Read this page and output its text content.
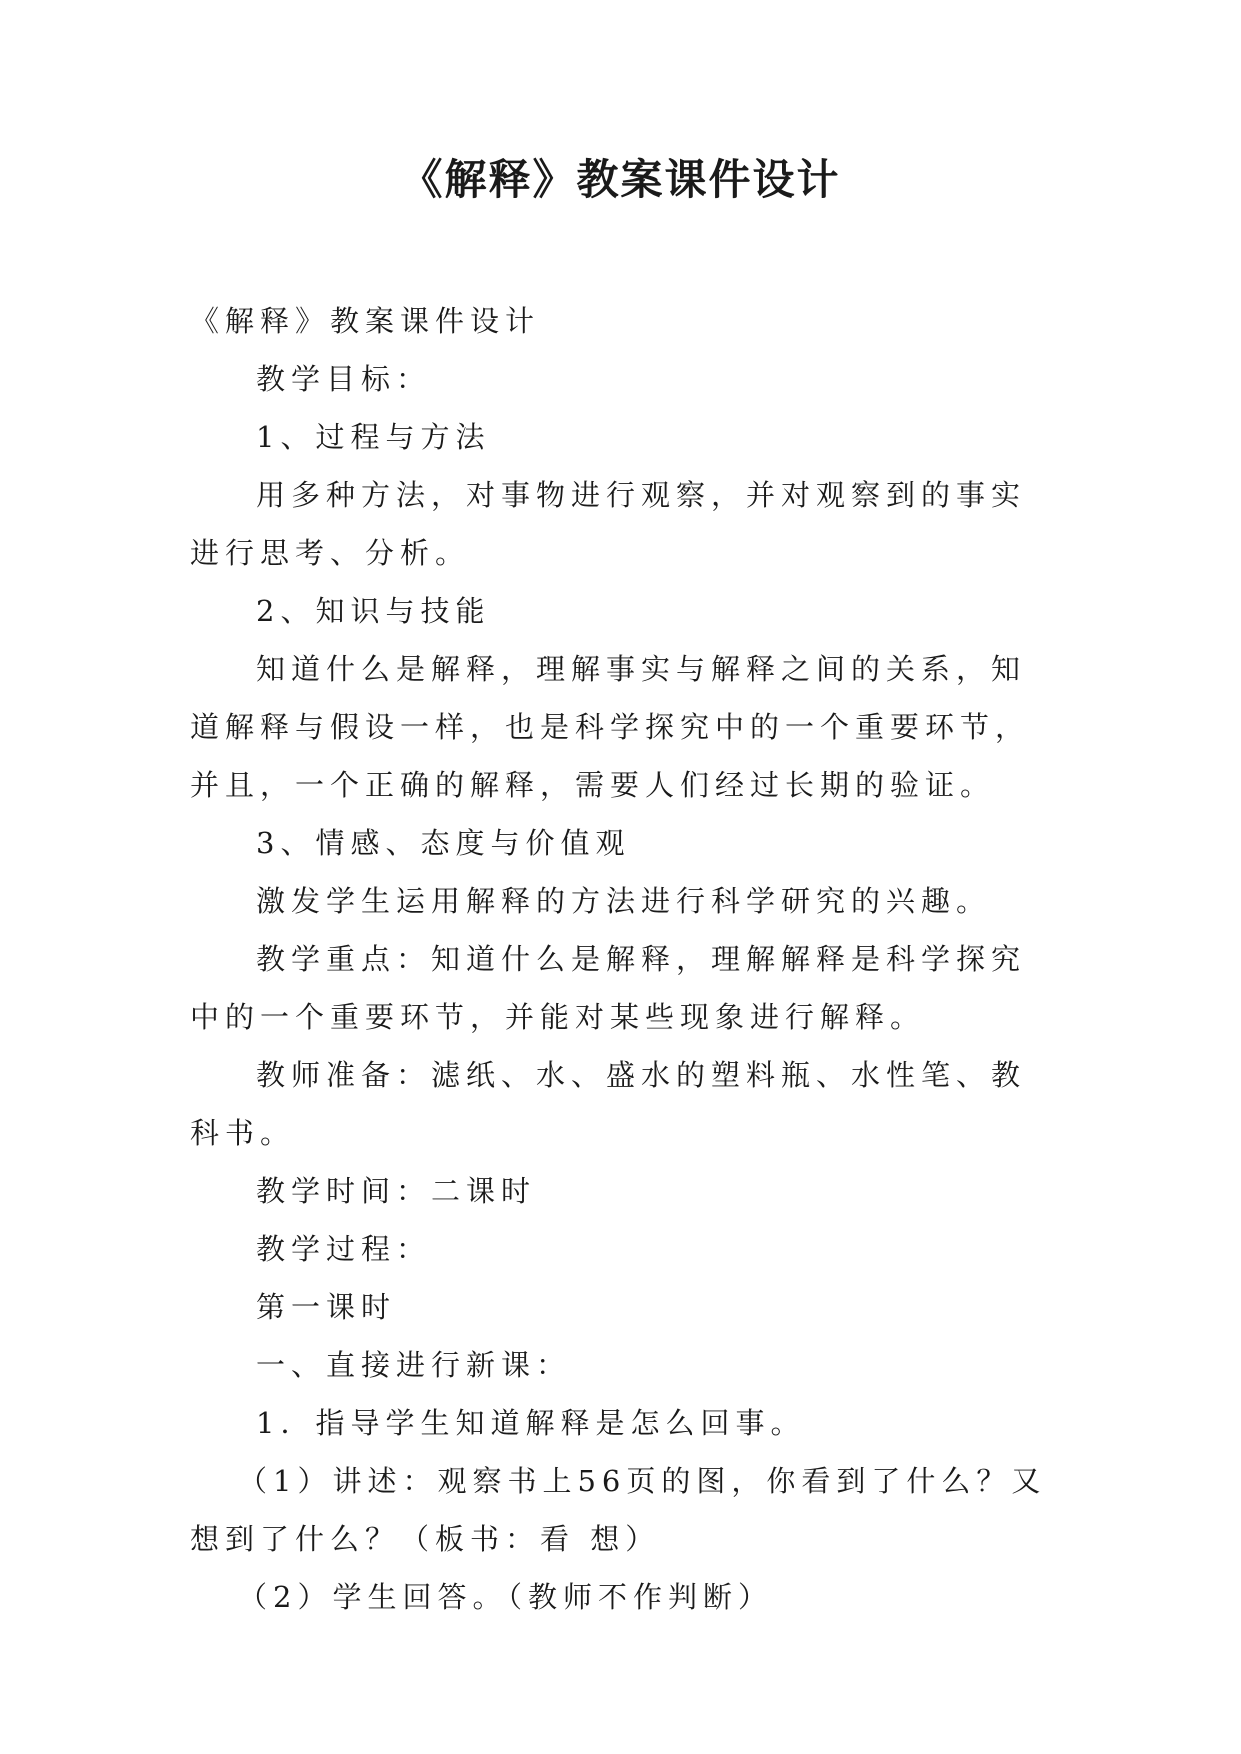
《解释》教案课件设计

《解释》教案课件设计

教学目标：

1、过程与方法

用多种方法，对事物进行观察，并对观察到的事实进行思考、分析。

2、知识与技能

知道什么是解释，理解事实与解释之间的关系，知道解释与假设一样，也是科学探究中的一个重要环节，并且，一个正确的解释，需要人们经过长期的验证。

3、情感、态度与价值观

激发学生运用解释的方法进行科学研究的兴趣。

教学重点：知道什么是解释，理解解释是科学探究中的一个重要环节，并能对某些现象进行解释。

教师准备：滤纸、水、盛水的塑料瓶、水性笔、教科书。

教学时间：二课时

教学过程：

第一课时

一、直接进行新课：

1．指导学生知道解释是怎么回事。

（1）讲述：观察书上56页的图，你看到了什么？又想到了什么？（板书：看 想）

（2）学生回答。（教师不作判断）
